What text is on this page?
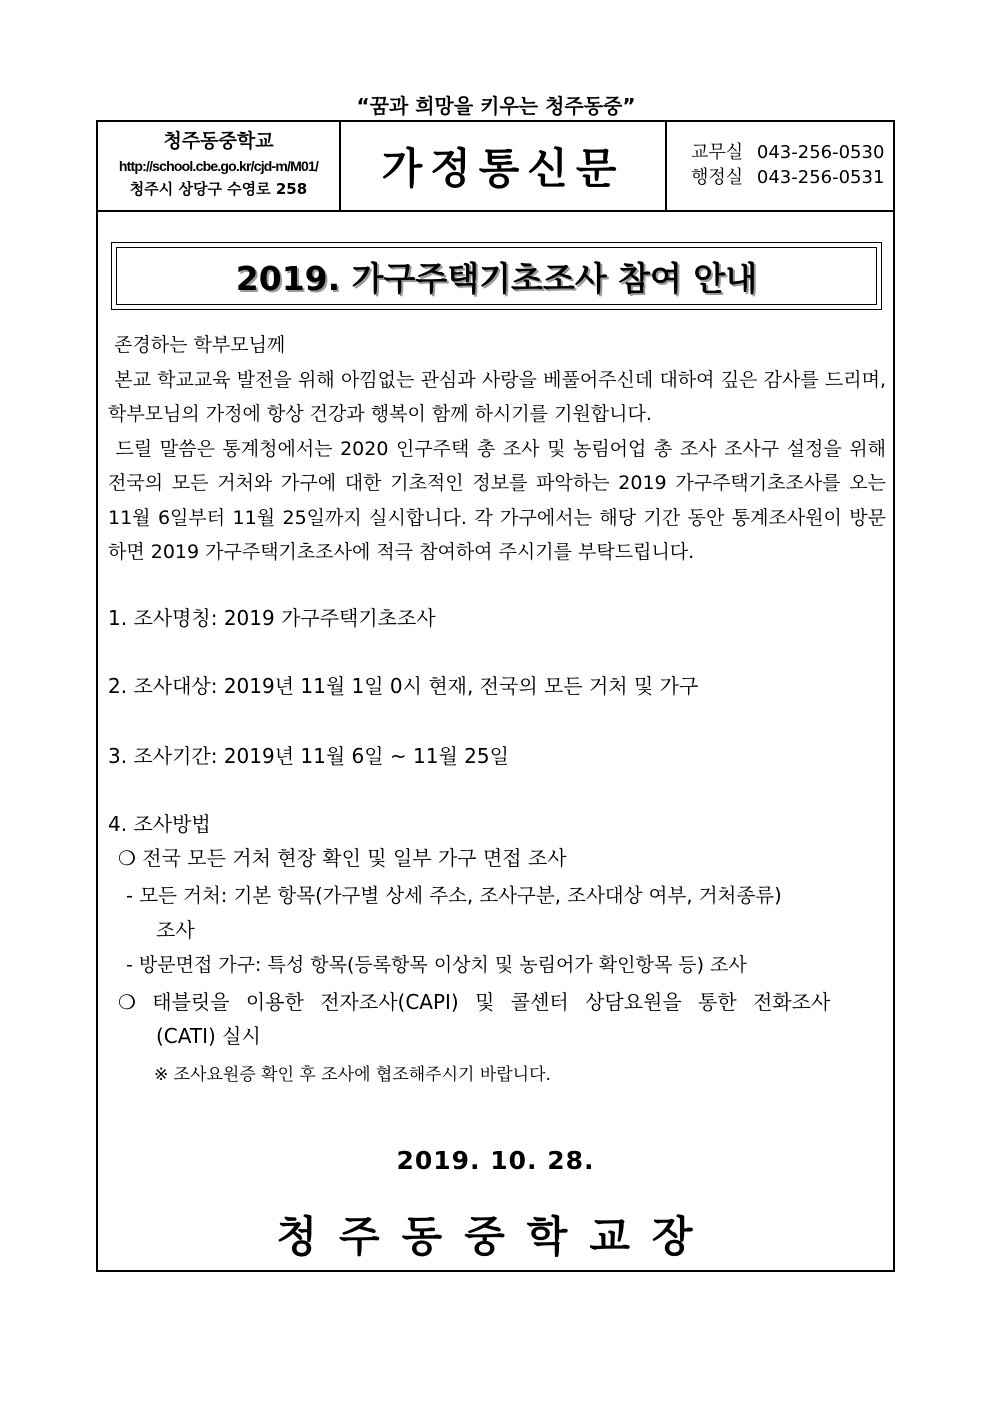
“꿈과 희망을 키우는 청주동중”
청주동중학교
http://school.cbe.go.kr/cjd-m/M01/
청주시 상당구 수영로 258	가정통신문	교무실 043-256-0530
행정실 043-256-0531
2019. 가구주택기초조사 참여 안내
존경하는 학부모님께
본교 학교교육 발전을 위해 아낌없는 관심과 사랑을 베풀어주신데 대하여 깊은 감사를 드리며, 학부모님의 가정에 항상 건강과 행복이 함께 하시기를 기원합니다.
드릴 말씀은 통계청에서는 2020 인구주택 총 조사 및 농림어업 총 조사 조사구 설정을 위해 전국의 모든 거처와 가구에 대한 기초적인 정보를 파악하는 2019 가구주택기초조사를 오는 11월 6일부터 11월 25일까지 실시합니다. 각 가구에서는 해당 기간 동안 통계조사원이 방문하면 2019 가구주택기초조사에 적극 참여하여 주시기를 부탁드립니다.
1. 조사명칭: 2019 가구주택기초조사
2. 조사대상: 2019년 11월 1일 0시 현재, 전국의 모든 거처 및 가구
3. 조사기간: 2019년 11월 6일 ~ 11월 25일
4. 조사방법
❍ 전국 모든 거처 현장 확인 및 일부 가구 면접 조사
- 모든 거처: 기본 항목(가구별 상세 주소, 조사구분, 조사대상 여부, 거처종류)
조사
- 방문면접 가구: 특성 항목(등록항목 이상치 및 농림어가 확인항목 등) 조사
❍ 태블릿을 이용한 전자조사(CAPI) 및 콜센터 상담요원을 통한 전화조사
(CATI) 실시
※ 조사요원증 확인 후 조사에 협조해주시기 바랍니다.
2019. 10. 28.
청주동중학교장
